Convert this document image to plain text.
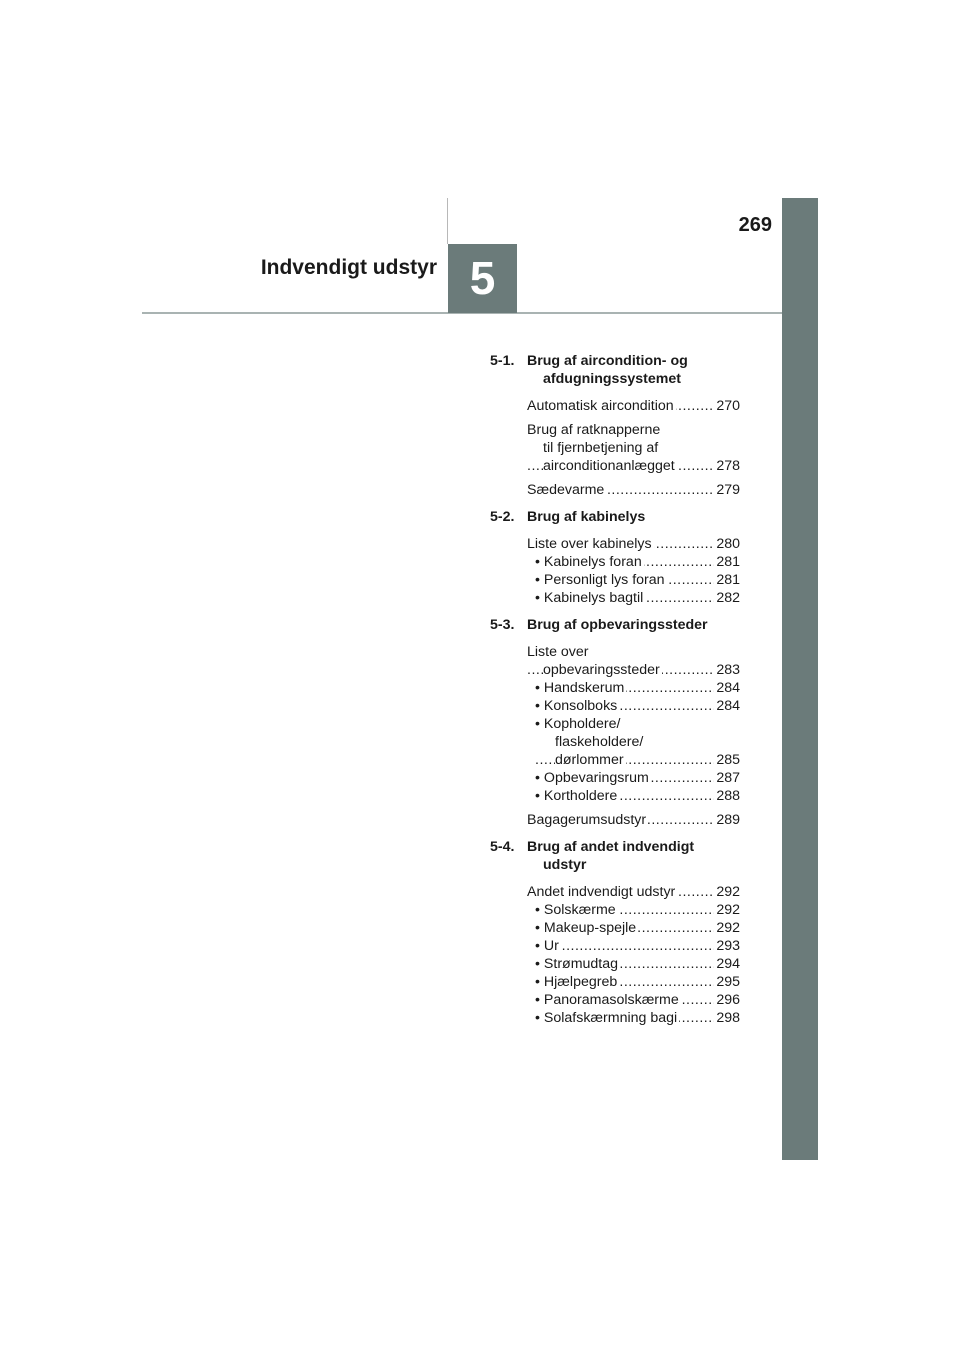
269
Indvendigt udstyr 5
5-1. Brug af aircondition- og
afdugningssystemet
Automatisk aircondition .....	270
Brug af ratknapperne
til fjernbetjening af
airconditionanlægget .....	278
Sædevarme .....	279
5-2. Brug af kabinelys
Liste over kabinelys .....	280
• Kabinelys foran .....	281
• Personligt lys foran .....	281
• Kabinelys bagtil .....	282
5-3. Brug af opbevaringssteder
Liste over
opbevaringssteder .....	283
• Handskerum .....	284
• Konsolboks .....	284
• Kopholdere/
flaskeholdere/
dørlommer .....	285
• Opbevaringsrum .....	287
• Kortholdere .....	288
Bagagerumsudstyr .....	289
5-4. Brug af andet indvendigt
udstyr
Andet indvendigt udstyr .....	292
• Solskærme .....	292
• Makeup-spejle .....	292
• Ur .....	293
• Strømudtag .....	294
• Hjælpegreb .....	295
• Panoramasolskærme .....	296
• Solafskærmning bagi .....	298
